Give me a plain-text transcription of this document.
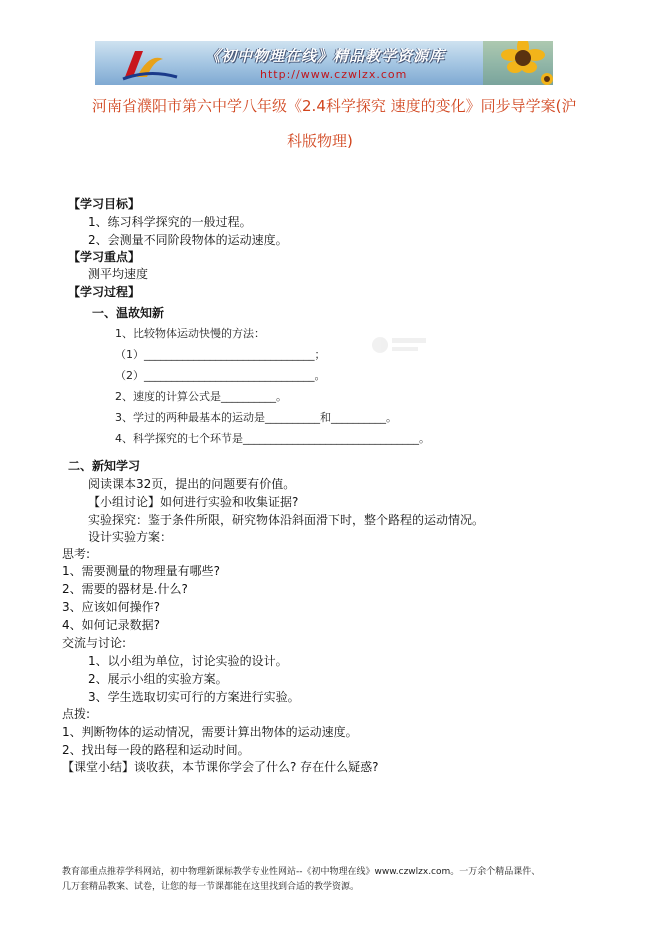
《初中物理在线》精品教学资源库
http://www.czwlzx.com
河南省濮阳市第六中学八年级《2.4科学探究 速度的变化》同步导学案(沪
科版物理)
【学习目标】
1、练习科学探究的一般过程。
2、会测量不同阶段物体的运动速度。
【学习重点】
测平均速度
【学习过程】
一、温故知新
1、比较物体运动快慢的方法：
（1）_______________________________；
（2）_______________________________。
2、速度的计算公式是__________。
3、学过的两种最基本的运动是__________和__________。
4、科学探究的七个环节是________________________________。
二、新知学习
阅读课本32页，提出的问题要有价值。
【小组讨论】如何进行实验和收集证据?
实验探究：鉴于条件所限，研究物体沿斜面滑下时，整个路程的运动情况。
设计实验方案：
思考:
1、需要测量的物理量有哪些?
2、需要的器材是.什么?
3、应该如何操作?
4、如何记录数据?
交流与讨论:
1、以小组为单位，讨论实验的设计。
2、展示小组的实验方案。
3、学生选取切实可行的方案进行实验。
点拨:
1、判断物体的运动情况，需要计算出物体的运动速度。
2、找出每一段的路程和运动时间。
【课堂小结】谈收获，本节课你学会了什么? 存在什么疑惑?
教育部重点推荐学科网站，初中物理新课标教学专业性网站--《初中物理在线》www.czwlzx.com。一万余个精品课件、
几万套精品教案、试卷，让您的每一节课都能在这里找到合适的教学资源。
